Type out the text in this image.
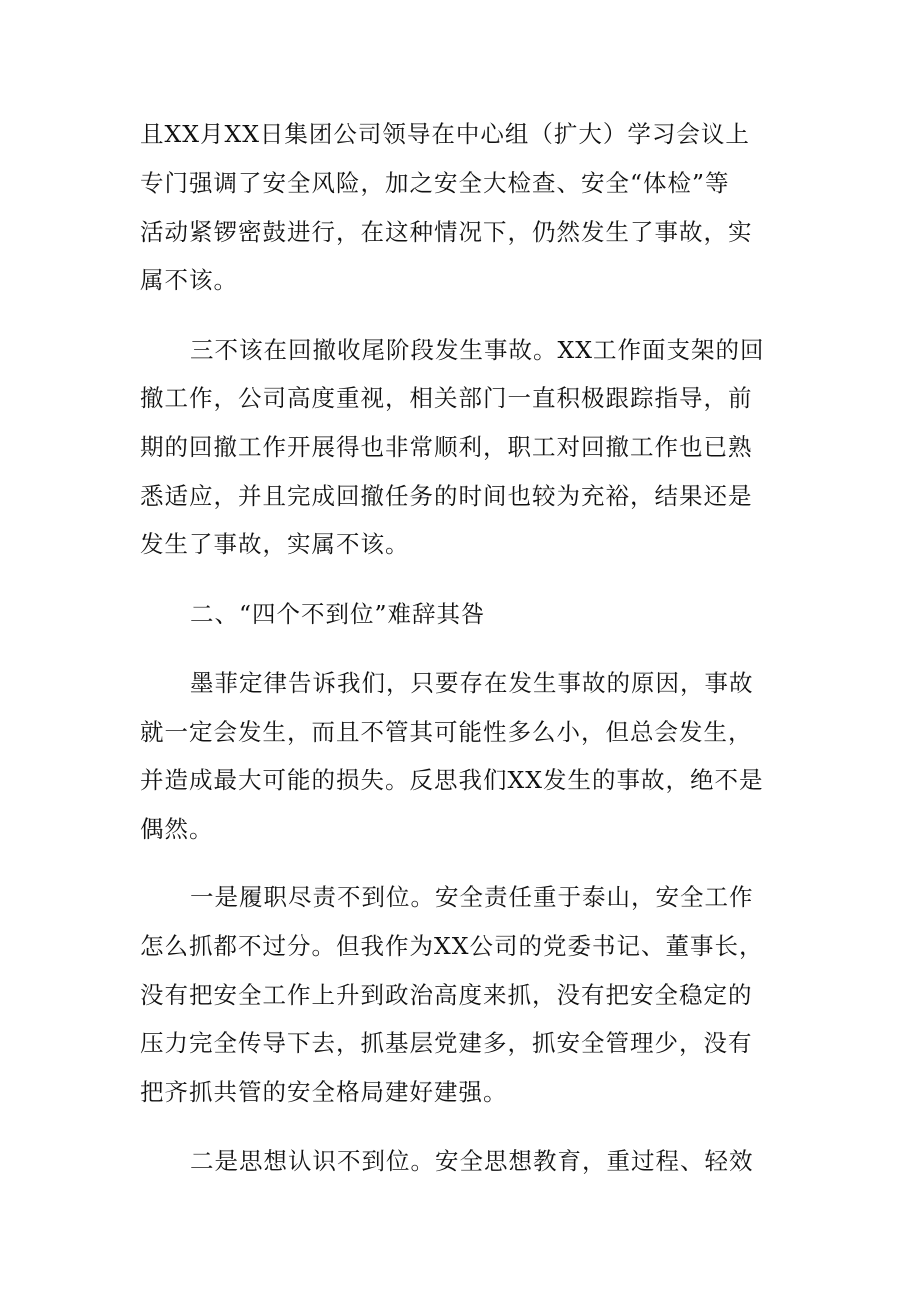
且XX月XX日集团公司领导在中心组（扩大）学习会议上
专门强调了安全风险，加之安全大检查、安全“体检”等
活动紧锣密鼓进行，在这种情况下，仍然发生了事故，实
属不该。
三不该在回撤收尾阶段发生事故。XX工作面支架的回
撤工作，公司高度重视，相关部门一直积极跟踪指导，前
期的回撤工作开展得也非常顺利，职工对回撤工作也已熟
悉适应，并且完成回撤任务的时间也较为充裕，结果还是
发生了事故，实属不该。
二、“四个不到位”难辞其咎
墨菲定律告诉我们，只要存在发生事故的原因，事故
就一定会发生，而且不管其可能性多么小，但总会发生，
并造成最大可能的损失。反思我们XX发生的事故，绝不是
偶然。
一是履职尽责不到位。安全责任重于泰山，安全工作
怎么抓都不过分。但我作为XX公司的党委书记、董事长，
没有把安全工作上升到政治高度来抓，没有把安全稳定的
压力完全传导下去，抓基层党建多，抓安全管理少，没有
把齐抓共管的安全格局建好建强。
二是思想认识不到位。安全思想教育，重过程、轻效
